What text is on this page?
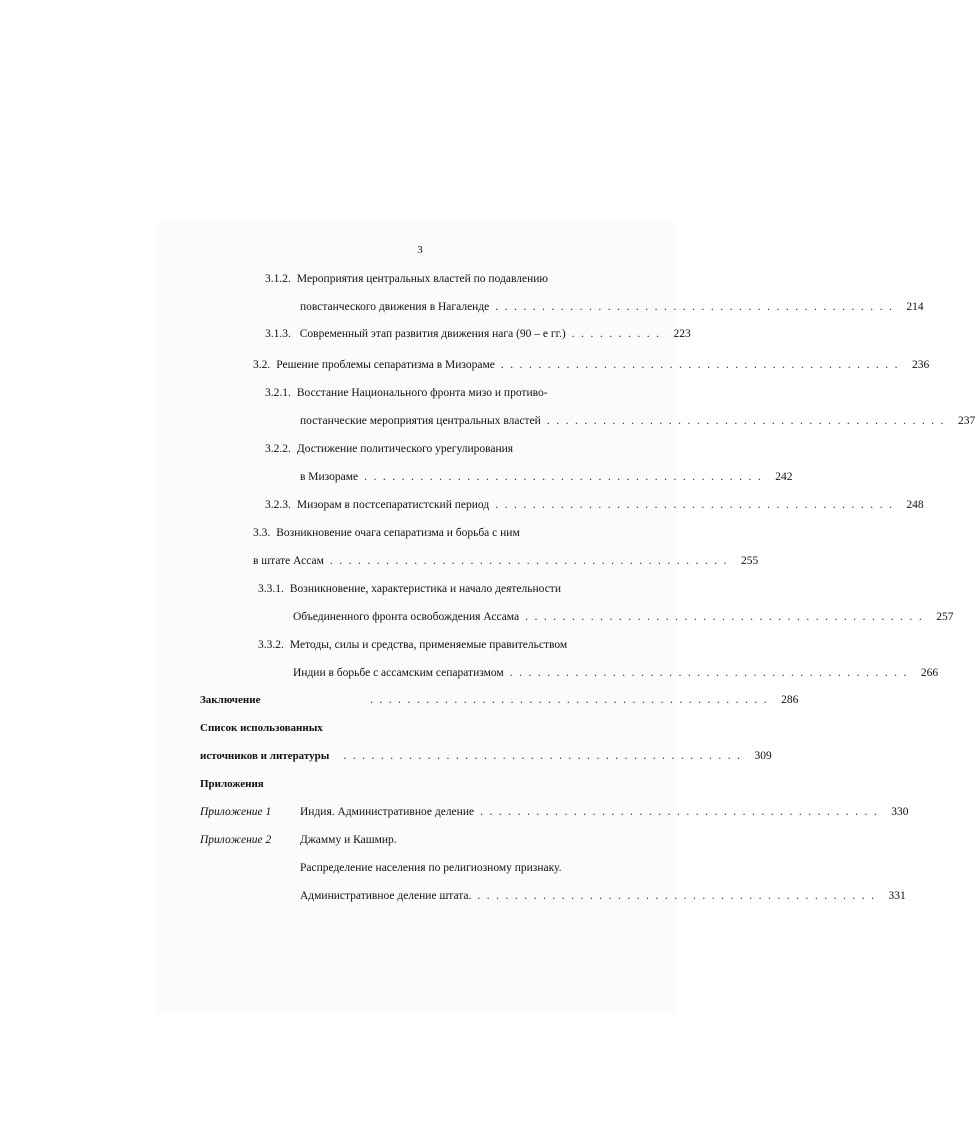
3
3.1.2. Мероприятия центральных властей по подавлению
повстанческого движения в Нагаленде ........................................... 214
3.1.3. Современный этап развития движения нага (90 – е гг.) .......... 223
3.2. Решение проблемы сепаратизма в Мизораме ........................................... 236
3.2.1. Восстание Национального фронта мизо и противо-
постанческие мероприятия центральных властей ........................................... 237
3.2.2. Достижение политического урегулирования
в Мизораме ........................................... 242
3.2.3. Мизорам в постсепаратистский период ........................................... 248
3.3. Возникновение очага сепаратизма и борьба с ним
в штате Ассам ........................................... 255
3.3.1. Возникновение, характеристика и начало деятельности
Объединенного фронта освобождения Ассама ........................................... 257
3.3.2. Методы, силы и средства, применяемые правительством
Индии в борьбе с ассамским сепаратизмом ........................................... 266
Заключение	........................................... 286
Список использованных
источников и литературы ........................................... 309
Приложения
Приложение 1 Индия. Административное деление ........................................... 330
Приложение 2 Джамму и Кашмир.
Распределение населения по религиозному признаку.
Административное деление штата. ........................................... 331
